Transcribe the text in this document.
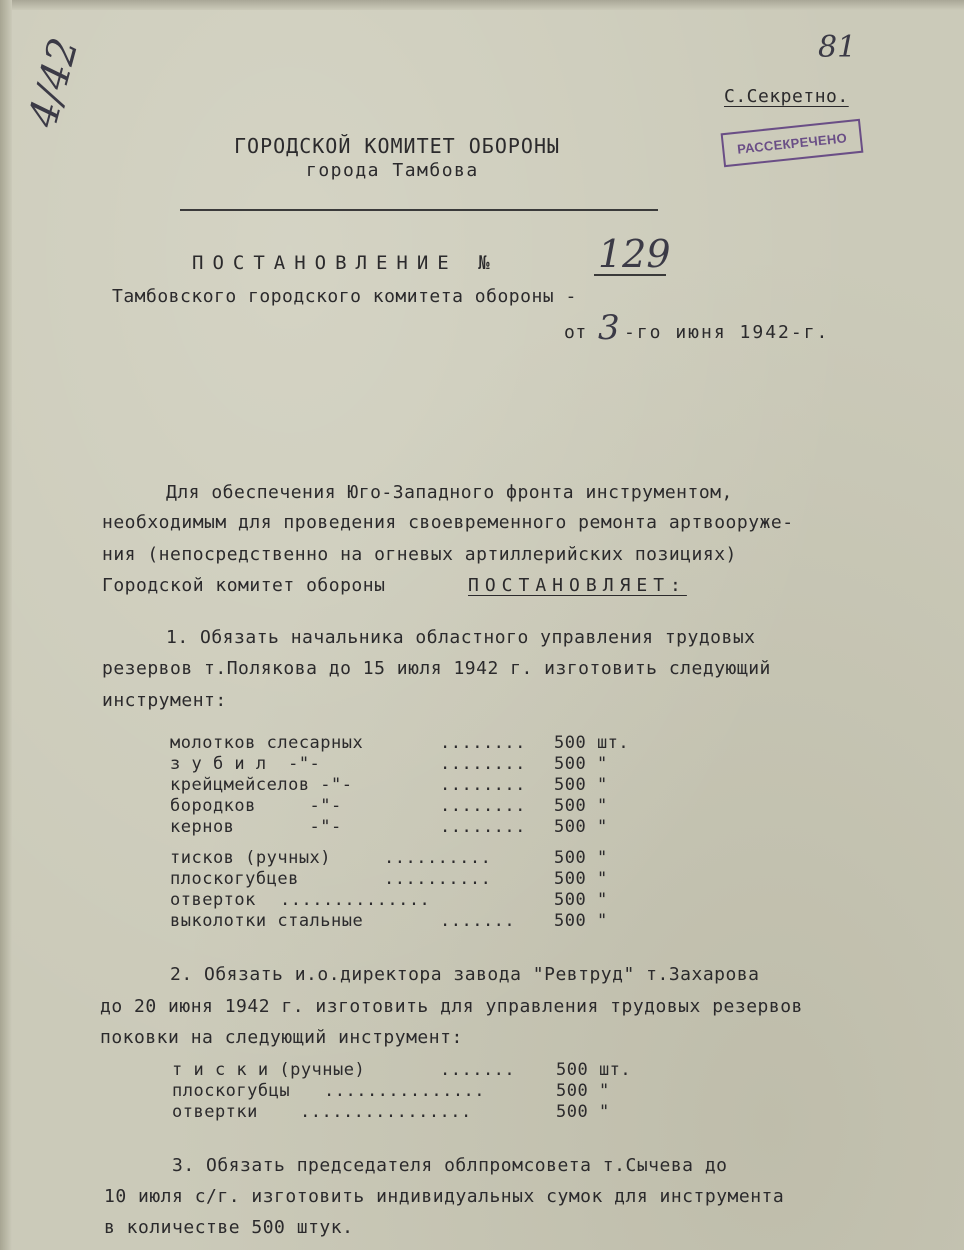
4/42	81
С.Секретно.
РАССЕКРЕЧЕНО
ГОРОДСКОЙ КОМИТЕТ ОБОРОНЫ
города Тамбова
ПОСТАНОВЛЕНИЕ №	129
Тамбовского городского комитета обороны -
от 3 -го июня 1942-г.
Для обеспечения Юго-Западного фронта инструментом,
необходимым для проведения своевременного ремонта артвооруже-
ния (непосредственно на огневых артиллерийских позициях)
Городской комитет обороны	ПОСТАНОВЛЯЕТ:
1. Обязать начальника областного управления трудовых
резервов т.Полякова до 15 июля 1942 г. изготовить следующий
инструмент:
молотков слесарных	........ 500 шт.
з у б и л  -"-	........ 500 "
крейцмейселов -"-	........ 500 "
бородков     -"-	........ 500 "
кернов       -"-	........ 500 "
тисков (ручных)	..........	500 "
плоскогубцев	..........	500 "
отверток ..............	500 "
выколотки стальные	....... 500 "
2. Обязать и.о.директора завода "Ревтруд" т.Захарова
до 20 июня 1942 г. изготовить для управления трудовых резервов
поковки на следующий инструмент:
т и с к и (ручные)	....... 500 шт.
плоскогубцы ...............	500 "
отвертки ................	500 "
3. Обязать председателя облпромсовета т.Сычева до
10 июля с/г. изготовить индивидуальных сумок для инструмента
в количестве 500 штук.
